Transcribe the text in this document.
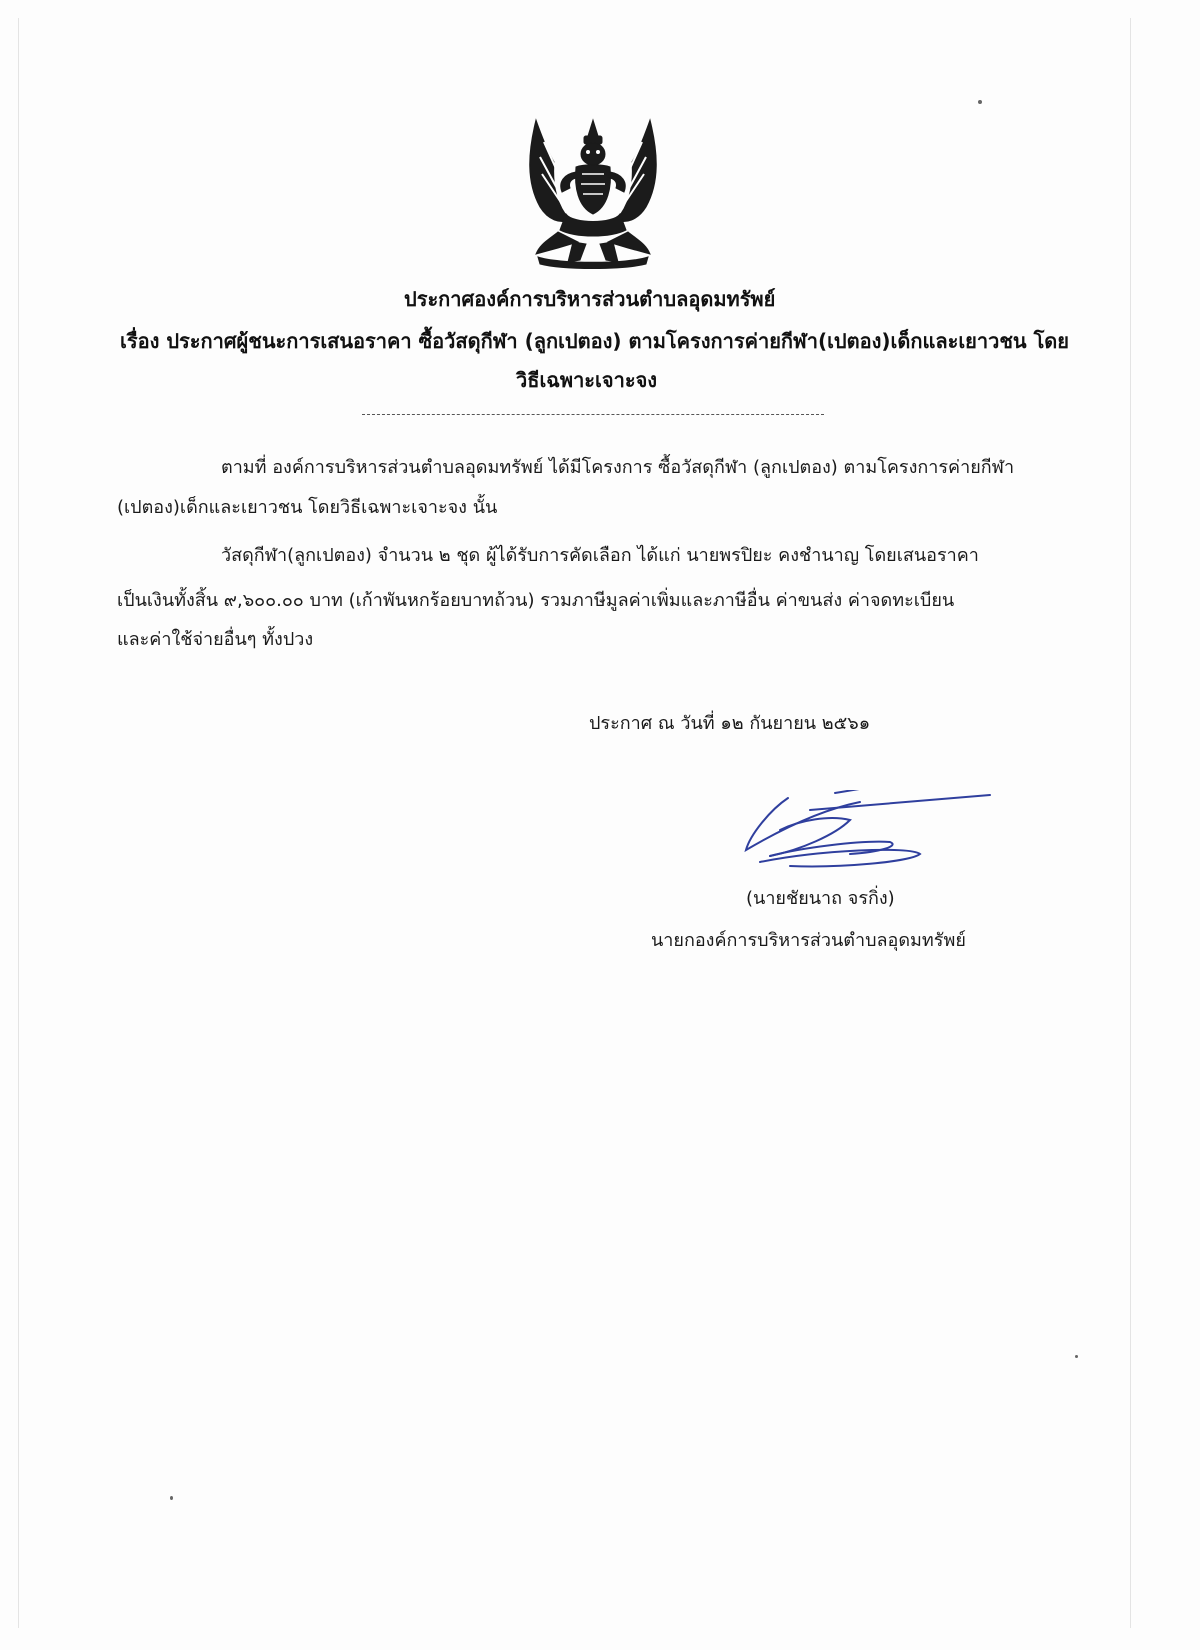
ประกาศองค์การบริหารส่วนตำบลอุดมทรัพย์
เรื่อง ประกาศผู้ชนะการเสนอราคา ซื้อวัสดุกีฬา (ลูกเปตอง) ตามโครงการค่ายกีฬา(เปตอง)เด็กและเยาวชน โดย
วิธีเฉพาะเจาะจง
ตามที่ องค์การบริหารส่วนตำบลอุดมทรัพย์ ได้มีโครงการ ซื้อวัสดุกีฬา (ลูกเปตอง) ตามโครงการค่ายกีฬา
(เปตอง)เด็กและเยาวชน โดยวิธีเฉพาะเจาะจง นั้น
วัสดุกีฬา(ลูกเปตอง) จำนวน ๒ ชุด ผู้ได้รับการคัดเลือก ได้แก่ นายพรปิยะ คงชำนาญ โดยเสนอราคา
เป็นเงินทั้งสิ้น ๙,๖๐๐.๐๐ บาท (เก้าพันหกร้อยบาทถ้วน) รวมภาษีมูลค่าเพิ่มและภาษีอื่น ค่าขนส่ง ค่าจดทะเบียน
และค่าใช้จ่ายอื่นๆ ทั้งปวง
ประกาศ ณ วันที่ ๑๒ กันยายน ๒๕๖๑
(นายชัยนาถ จรกิ่ง)
นายกองค์การบริหารส่วนตำบลอุดมทรัพย์
